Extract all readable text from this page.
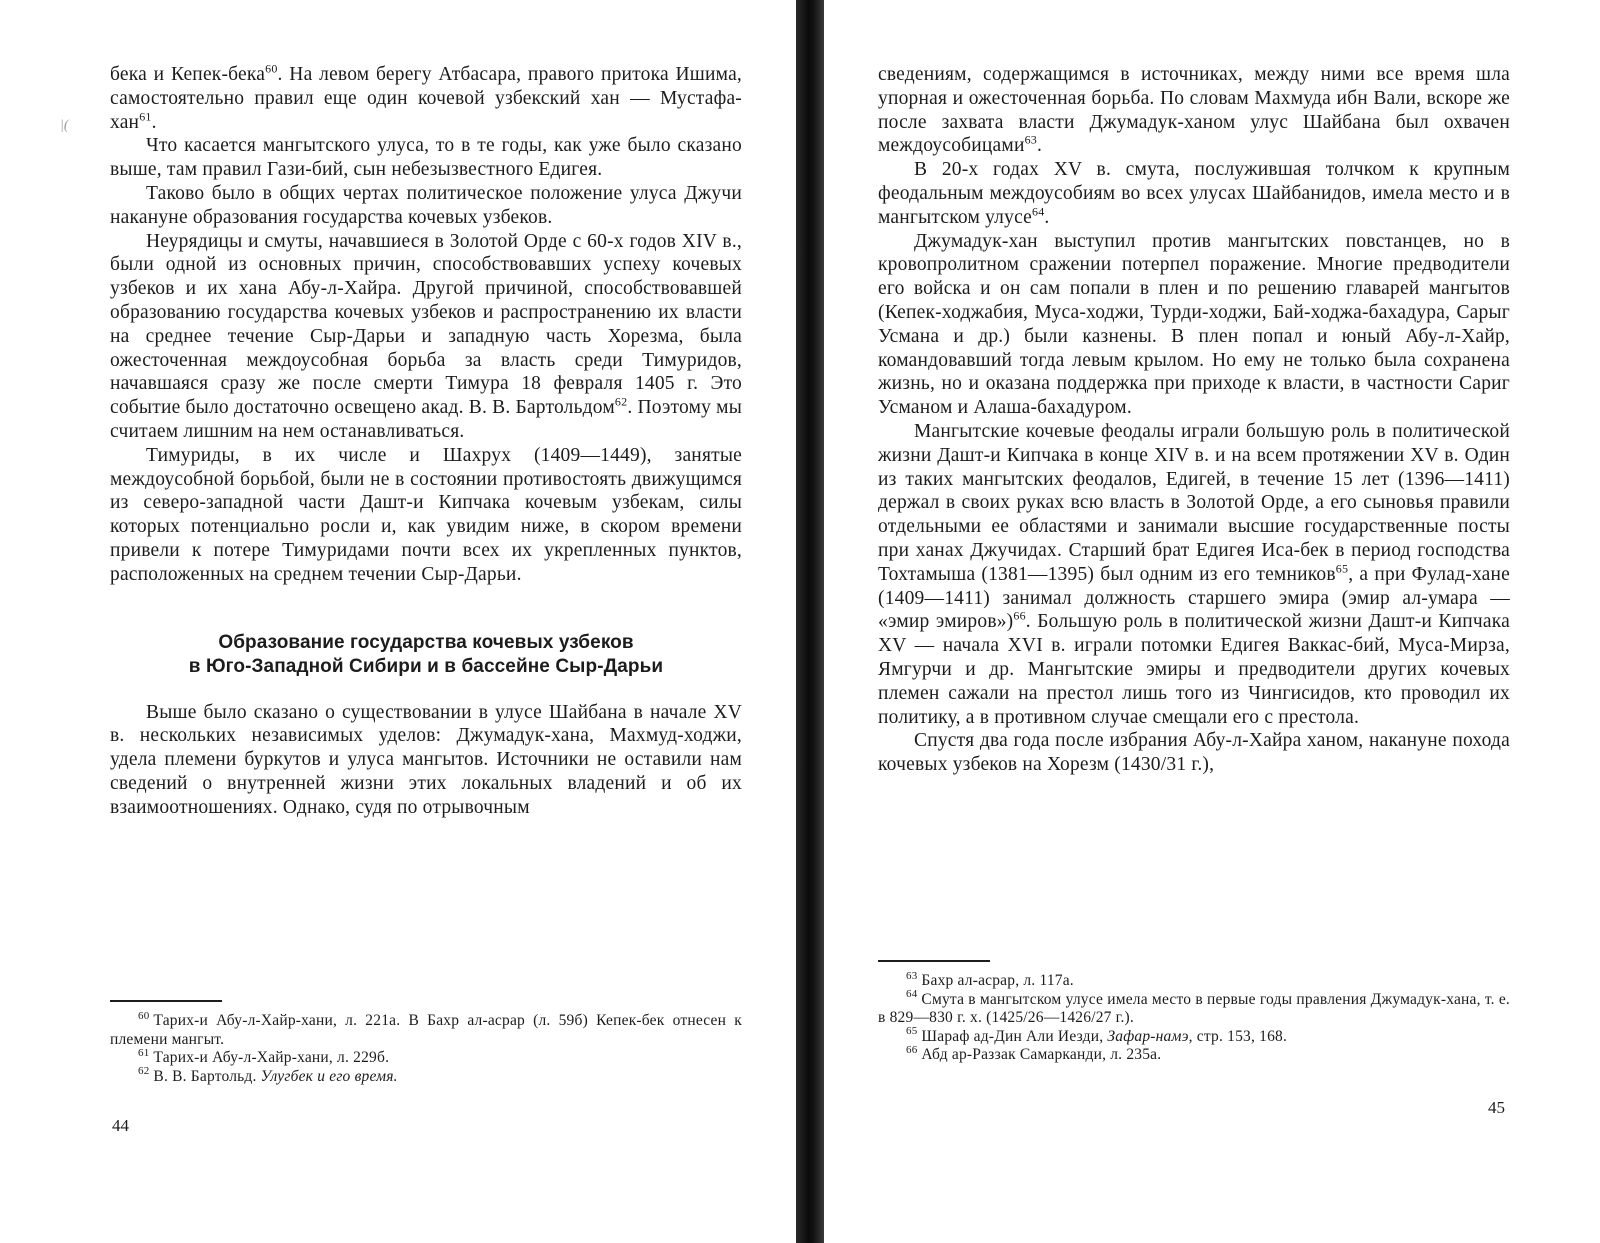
|(

бека и Кепек-бека$^{60}$. На левом берегу Атбасара, правого притока Ишима, самостоятельно правил еще один кочевой узбекский хан — Мустафа-хан$^{61}$.

Что касается мангытского улуса, то в те годы, как уже было сказано выше, там правил Гази-бий, сын небезызвестного Едигея.

Таково было в общих чертах политическое положение улуса Джучи накануне образования государства кочевых узбеков.

Неурядицы и смуты, начавшиеся в Золотой Орде с 60-х годов XIV в., были одной из основных причин, способствовавших успеху кочевых узбеков и их хана Абу-л-Хайра. Другой причиной, способствовавшей образованию государства кочевых узбеков и распространению их власти на среднее течение Сыр-Дарьи и западную часть Хорезма, была ожесточенная междоусобная борьба за власть среди Тимуридов, начавшаяся сразу же после смерти Тимура 18 февраля 1405 г. Это событие было достаточно освещено акад. В. В. Бартольдом$^{62}$. Поэтому мы считаем лишним на нем останавливаться.

Тимуриды, в их числе и Шахрух (1409—1449), занятые междоусобной борьбой, были не в состоянии противостоять движущимся из северо-западной части Дашт-и Кипчака кочевым узбекам, силы которых потенциально росли и, как увидим ниже, в скором времени привели к потере Тимуридами почти всех их укрепленных пунктов, расположенных на среднем течении Сыр-Дарьи.

Образование государства кочевых узбеков
в Юго-Западной Сибири и в бассейне Сыр-Дарьи

Выше было сказано о существовании в улусе Шайбана в начале XV в. нескольких независимых уделов: Джумадук-хана, Махмуд-ходжи, удела племени буркутов и улуса мангытов. Источники не оставили нам сведений о внутренней жизни этих локальных владений и об их взаимоотношениях. Однако, судя по отрывочным

$^{60}$ Тарих-и Абу-л-Хайр-хани, л. 221а. В Бахр ал-асрар (л. 59б) Кепек-бек отнесен к племени мангыт.

$^{61}$ Тарих-и Абу-л-Хайр-хани, л. 229б.

$^{62}$ В. В. Бартольд. Улугбек и его время.

44

сведениям, содержащимся в источниках, между ними все время шла упорная и ожесточенная борьба. По словам Махмуда ибн Вали, вскоре же после захвата власти Джумадук-ханом улус Шайбана был охвачен междоусобицами$^{63}$.

В 20-х годах XV в. смута, послужившая толчком к крупным феодальным междоусобиям во всех улусах Шайбанидов, имела место и в мангытском улусе$^{64}$.

Джумадук-хан выступил против мангытских повстанцев, но в кровопролитном сражении потерпел поражение. Многие предводители его войска и он сам попали в плен и по решению главарей мангытов (Кепек-ходжабия, Муса-ходжи, Турди-ходжи, Бай-ходжа-бахадура, Сарыг Усмана и др.) были казнены. В плен попал и юный Абу-л-Хайр, командовавший тогда левым крылом. Но ему не только была сохранена жизнь, но и оказана поддержка при приходе к власти, в частности Сариг Усманом и Алаша-бахадуром.

Мангытские кочевые феодалы играли большую роль в политической жизни Дашт-и Кипчака в конце XIV в. и на всем протяжении XV в. Один из таких мангытских феодалов, Едигей, в течение 15 лет (1396—1411) держал в своих руках всю власть в Золотой Орде, а его сыновья правили отдельными ее областями и занимали высшие государственные посты при ханах Джучидах. Старший брат Едигея Иса-бек в период господства Тохтамыша (1381—1395) был одним из его темников$^{65}$, а при Фулад-хане (1409—1411) занимал должность старшего эмира (эмир ал-умара — «эмир эмиров»)$^{66}$. Большую роль в политической жизни Дашт-и Кипчака XV — начала XVI в. играли потомки Едигея Ваккас-бий, Муса-Мирза, Ямгурчи и др. Мангытские эмиры и предводители других кочевых племен сажали на престол лишь того из Чингисидов, кто проводил их политику, а в противном случае смещали его с престола.

Спустя два года после избрания Абу-л-Хайра ханом, накануне похода кочевых узбеков на Хорезм (1430/31 г.),

$^{63}$ Бахр ал-асрар, л. 117а.

$^{64}$ Смута в мангытском улусе имела место в первые годы правления Джумадук-хана, т. е. в 829—830 г. х. (1425/26—1426/27 г.).

$^{65}$ Шараф ад-Дин Али Иезди, Зафар-намэ, стр. 153, 168.

$^{66}$ Абд ар-Раззак Самарканди, л. 235а.

45
